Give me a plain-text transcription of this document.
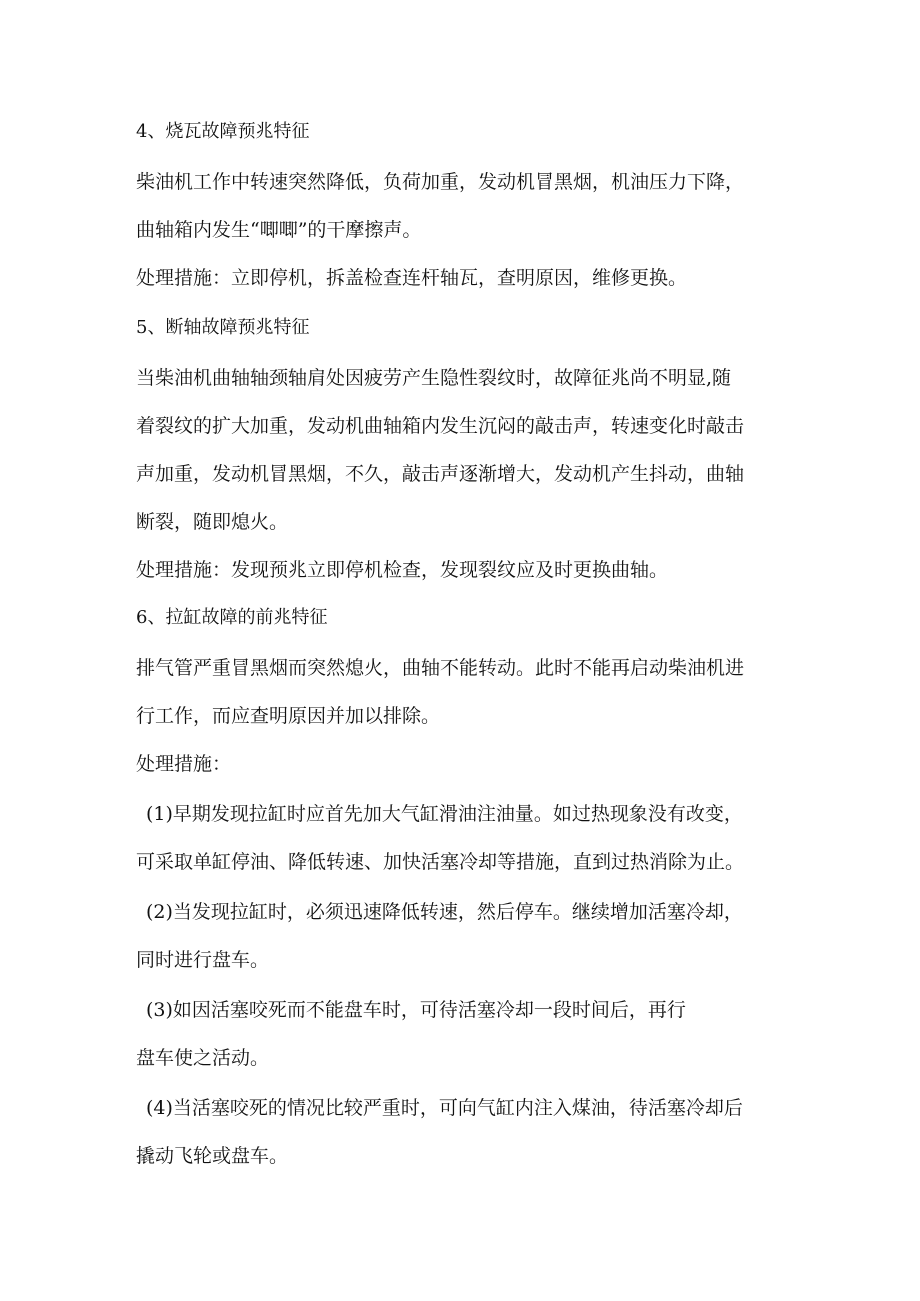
4、烧瓦故障预兆特征
柴油机工作中转速突然降低，负荷加重，发动机冒黑烟，机油压力下降，
曲轴箱内发生“唧唧”的干摩擦声。
处理措施：立即停机，拆盖检查连杆轴瓦，查明原因，维修更换。
5、断轴故障预兆特征
当柴油机曲轴轴颈轴肩处因疲劳产生隐性裂纹时，故障征兆尚不明显,随
着裂纹的扩大加重，发动机曲轴箱内发生沉闷的敲击声，转速变化时敲击
声加重，发动机冒黑烟，不久，敲击声逐渐增大，发动机产生抖动，曲轴
断裂，随即熄火。
处理措施：发现预兆立即停机检查，发现裂纹应及时更换曲轴。
6、拉缸故障的前兆特征
排气管严重冒黑烟而突然熄火，曲轴不能转动。此时不能再启动柴油机进
行工作，而应查明原因并加以排除。
处理措施：
(1)早期发现拉缸时应首先加大气缸滑油注油量。如过热现象没有改变，
可采取单缸停油、降低转速、加快活塞冷却等措施，直到过热消除为止。
(2)当发现拉缸时，必须迅速降低转速，然后停车。继续增加活塞冷却，
同时进行盘车。
(3)如因活塞咬死而不能盘车时，可待活塞冷却一段时间后，再行
盘车使之活动。
(4)当活塞咬死的情况比较严重时，可向气缸内注入煤油，待活塞冷却后
撬动飞轮或盘车。
